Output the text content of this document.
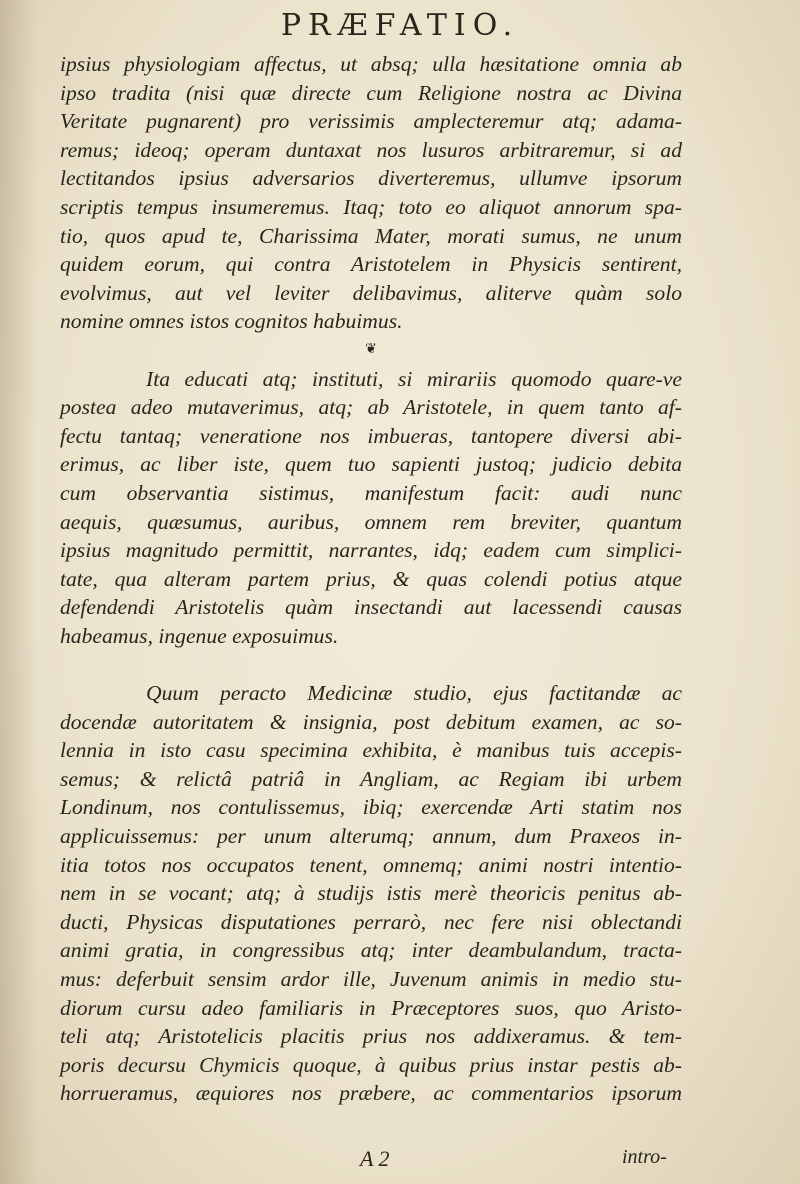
PRÆFATIO.
ipsius physiologiam affectus, ut absq; ulla hæsitatione omnia ab
ipso tradita (nisi quæ directe cum Religione nostra ac Divina
Veritate pugnarent) pro verissimis amplecteremur atq; adama-
remus; ideoq; operam duntaxat nos lusuros arbitraremur, si ad
lectitandos ipsius adversarios diverteremus, ullumve ipsorum
scriptis tempus insumeremus. Itaq; toto eo aliquot annorum spa-
tio, quos apud te, Charissima Mater, morati sumus, ne unum
quidem eorum, qui contra Aristotelem in Physicis sentirent,
evolvimus, aut vel leviter delibavimus, aliterve quàm solo
nomine omnes istos cognitos habuimus.
❦
Ita educati atq; instituti, si mirariis quomodo quare-ve
postea adeo mutaverimus, atq; ab Aristotele, in quem tanto af-
fectu tantaq; veneratione nos imbueras, tantopere diversi abi-
erimus, ac liber iste, quem tuo sapienti justoq; judicio debita
cum observantia sistimus, manifestum facit: audi nunc
aequis, quæsumus, auribus, omnem rem breviter, quantum
ipsius magnitudo permittit, narrantes, idq; eadem cum simplici-
tate, qua alteram partem prius, & quas colendi potius atque
defendendi Aristotelis quàm insectandi aut lacessendi causas
habeamus, ingenue exposuimus.
Quum peracto Medicinæ studio, ejus factitandæ ac
docendæ autoritatem & insignia, post debitum examen, ac so-
lennia in isto casu specimina exhibita, è manibus tuis accepis-
semus; & relictâ patriâ in Angliam, ac Regiam ibi urbem
Londinum, nos contulissemus, ibiq; exercendæ Arti statim nos
applicuissemus: per unum alterumq; annum, dum Praxeos in-
itia totos nos occupatos tenent, omnemq; animi nostri intentio-
nem in se vocant; atq; à studijs istis merè theoricis penitus ab-
ducti, Physicas disputationes perrarò, nec fere nisi oblectandi
animi gratia, in congressibus atq; inter deambulandum, tracta-
mus: deferbuit sensim ardor ille, Juvenum animis in medio stu-
diorum cursu adeo familiaris in Præceptores suos, quo Aristo-
teli atq; Aristotelicis placitis prius nos addixeramus. & tem-
poris decursu Chymicis quoque, à quibus prius instar pestis ab-
horrueramus, æquiores nos præbere, ac commentarios ipsorum
A 2	intro-
